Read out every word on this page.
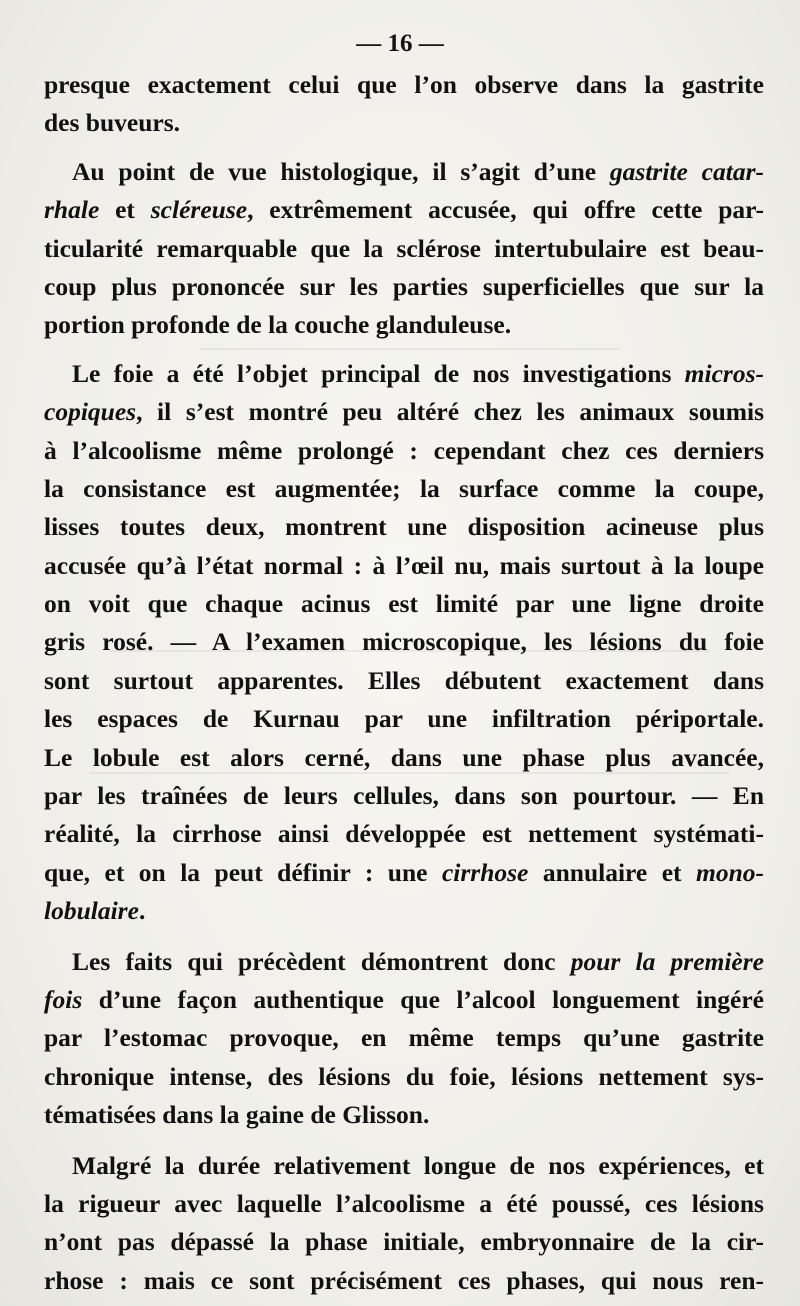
— 16 —
presque exactement celui que l’on observe dans la gastrite
des buveurs.
Au point de vue histologique, il s’agit d’une gastrite catar-
rhale et scléreuse, extrêmement accusée, qui offre cette par-
ticularité remarquable que la sclérose intertubulaire est beau-
coup plus prononcée sur les parties superficielles que sur la
portion profonde de la couche glanduleuse.
Le foie a été l’objet principal de nos investigations micros-
copiques, il s’est montré peu altéré chez les animaux soumis
à l’alcoolisme même prolongé : cependant chez ces derniers
la consistance est augmentée; la surface comme la coupe,
lisses toutes deux, montrent une disposition acineuse plus
accusée qu’à l’état normal : à l’œil nu, mais surtout à la loupe
on voit que chaque acinus est limité par une ligne droite
gris rosé. — A l’examen microscopique, les lésions du foie
sont surtout apparentes. Elles débutent exactement dans
les espaces de Kurnau par une infiltration périportale.
Le lobule est alors cerné, dans une phase plus avancée,
par les traînées de leurs cellules, dans son pourtour. — En
réalité, la cirrhose ainsi développée est nettement systémati-
que, et on la peut définir : une cirrhose annulaire et mono-
lobulaire.
Les faits qui précèdent démontrent donc pour la première
fois d’une façon authentique que l’alcool longuement ingéré
par l’estomac provoque, en même temps qu’une gastrite
chronique intense, des lésions du foie, lésions nettement sys-
tématisées dans la gaine de Glisson.
Malgré la durée relativement longue de nos expériences, et
la rigueur avec laquelle l’alcoolisme a été poussé, ces lésions
n’ont pas dépassé la phase initiale, embryonnaire de la cir-
rhose : mais ce sont précisément ces phases, qui nous ren-
